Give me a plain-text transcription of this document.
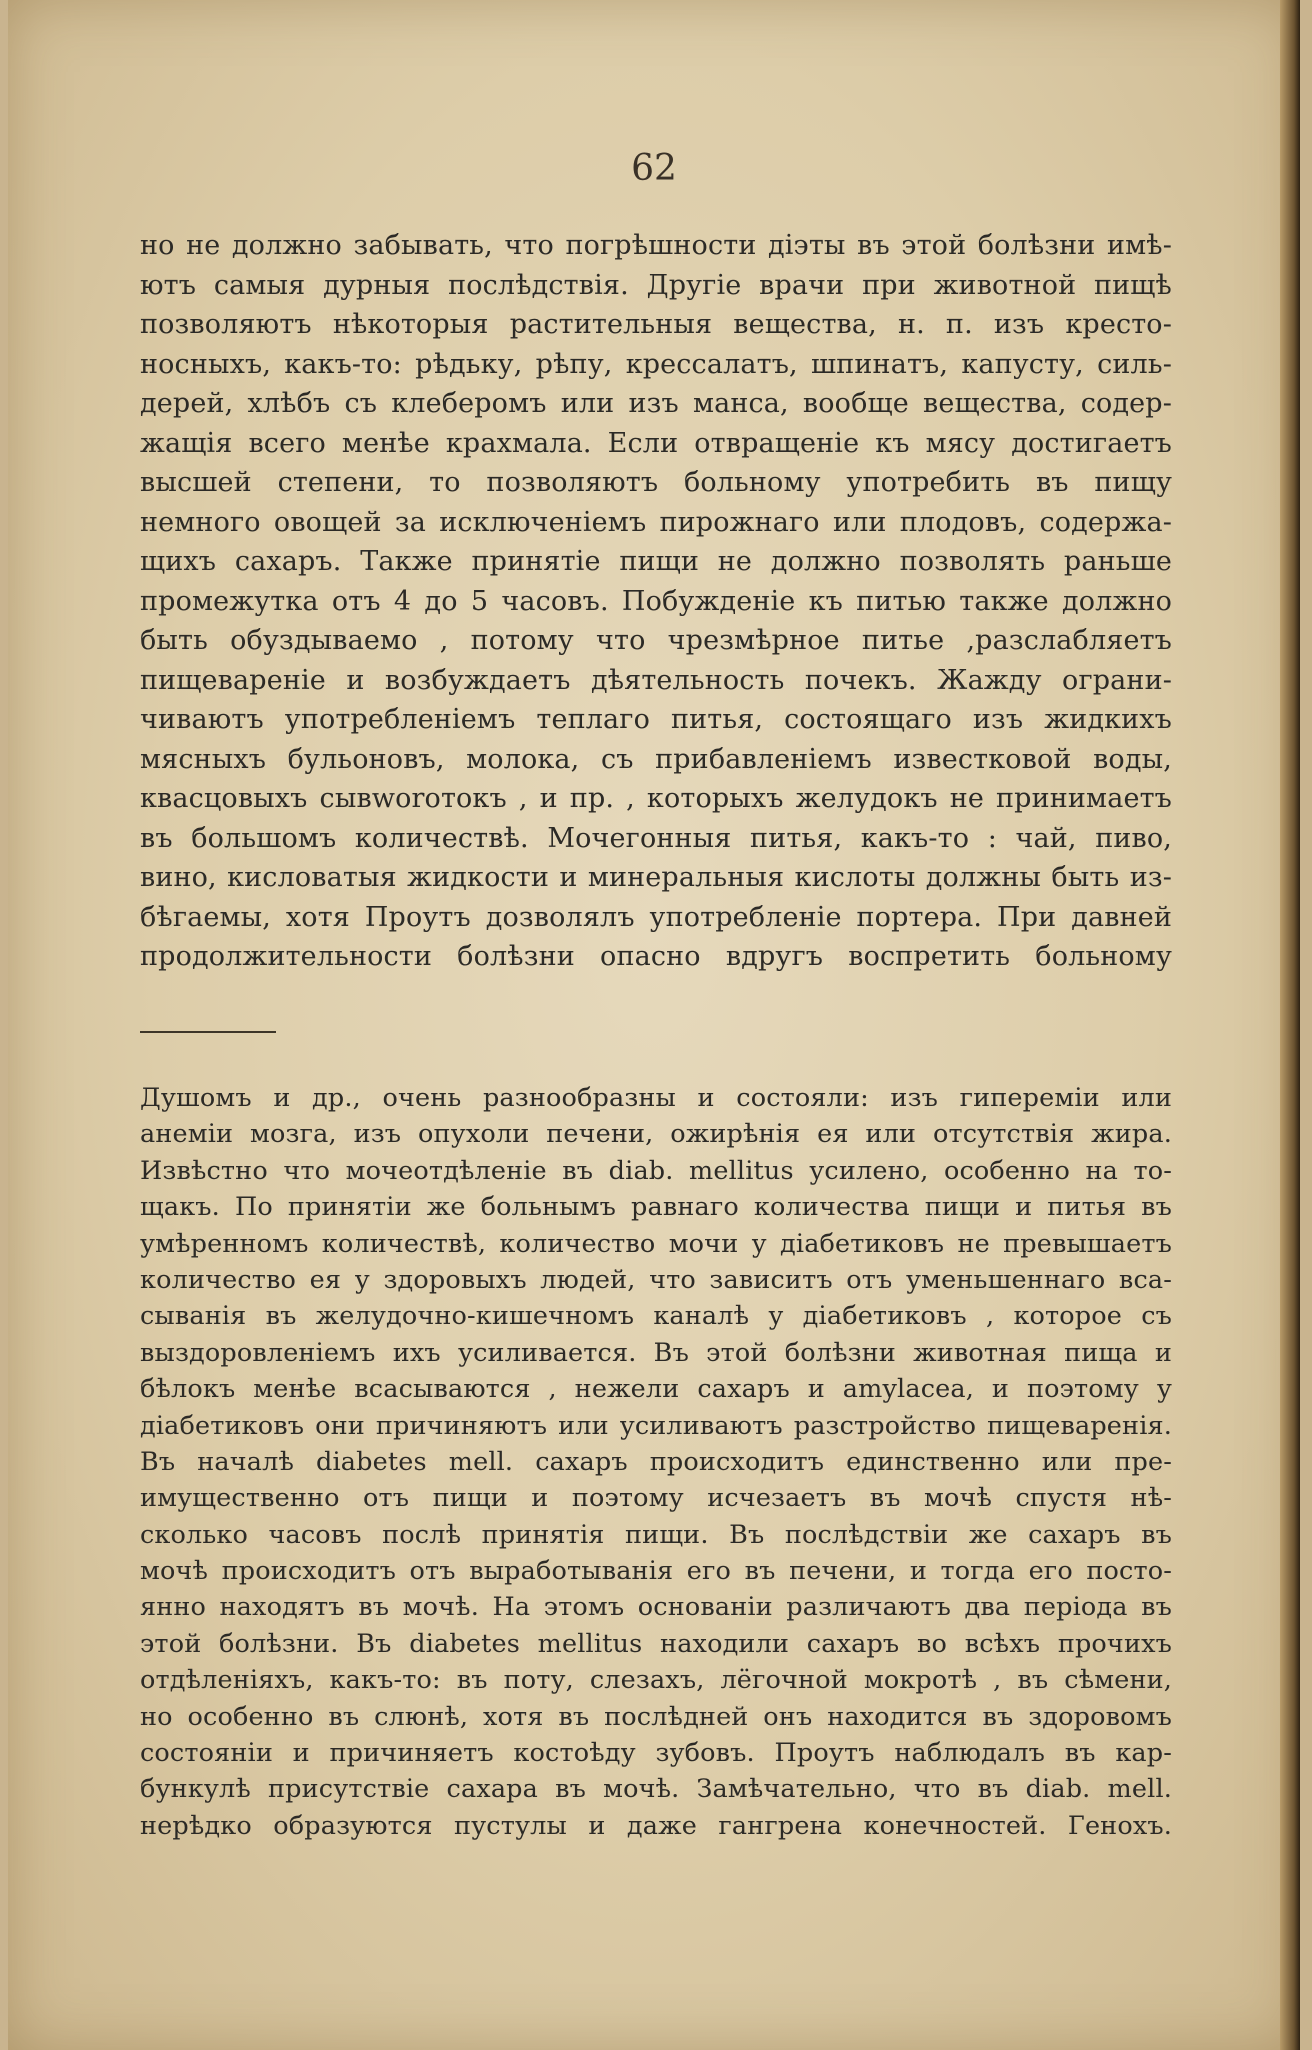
62
но не должно забывать, что погрѣшности діэты въ этой болѣзни имѣ-
ютъ самыя дурныя послѣдствія. Другіе врачи при животной пищѣ
позволяютъ нѣкоторыя растительныя вещества, н. п. изъ кресто-
носныхъ, какъ-то: рѣдьку, рѣпу, крессалатъ, шпинатъ, капусту, силь-
дерей, хлѣбъ съ клеберомъ или изъ манса, вообще вещества, содер-
жащія всего менѣе крахмала. Если отвращеніе къ мясу достигаетъ
высшей степени, то позволяютъ больному употребить въ пищу
немного овощей за исключеніемъ пирожнаго или плодовъ, содержа-
щихъ сахаръ. Также принятіе пищи не должно позволять раньше
промежутка отъ 4 до 5 часовъ. Побужденіе къ питью также должно
быть обуздываемо , потому что чрезмѣрное питье ,разслабляетъ
пищевареніе и возбуждаетъ дѣятельность почекъ. Жажду ограни-
чиваютъ употребленіемъ теплаго питья, состоящаго изъ жидкихъ
мясныхъ бульоновъ, молока, съ прибавленіемъ известковой воды,
квасцовыхъ сывworотокъ , и пр. , которыхъ желудокъ не принимаетъ
въ большомъ количествѣ. Мочегонныя питья, какъ-то : чай, пиво,
вино, кисловатыя жидкости и минеральныя кислоты должны быть из-
бѣгаемы, хотя Проутъ дозволялъ употребленіе портера. При давней
продолжительности болѣзни опасно вдругъ воспретить больному
Душомъ и др., очень разнообразны и состояли: изъ гипереміи или
анеміи мозга, изъ опухоли печени, ожирѣнія ея или отсутствія жира.
Извѣстно что мочеотдѣленіе въ diab. mellitus усилено, особенно на то-
щакъ. По принятіи же больнымъ равнаго количества пищи и питья въ
умѣренномъ количествѣ, количество мочи у діабетиковъ не превышаетъ
количество ея у здоровыхъ людей, что зависитъ отъ уменьшеннаго вса-
сыванія въ желудочно-кишечномъ каналѣ у діабетиковъ , которое съ
выздоровленіемъ ихъ усиливается. Въ этой болѣзни животная пища и
бѣлокъ менѣе всасываются , нежели сахаръ и amylacea, и поэтому у
діабетиковъ они причиняютъ или усиливаютъ разстройство пищеваренія.
Въ началѣ diabetes mell. сахаръ происходитъ единственно или пре-
имущественно отъ пищи и поэтому исчезаетъ въ мочѣ спустя нѣ-
сколько часовъ послѣ принятія пищи. Въ послѣдствіи же сахаръ въ
мочѣ происходитъ отъ выработыванія его въ печени, и тогда его посто-
янно находятъ въ мочѣ. На этомъ основаніи различаютъ два періода въ
этой болѣзни. Въ diabetes mellitus находили сахаръ во всѣхъ прочихъ
отдѣленіяхъ, какъ-то: въ поту, слезахъ, лёгочной мокротѣ , въ сѣмени,
но особенно въ слюнѣ, хотя въ послѣдней онъ находится въ здоровомъ
состояніи и причиняетъ костоѣду зубовъ. Проутъ наблюдалъ въ кар-
бункулѣ присутствіе сахара въ мочѣ. Замѣчательно, что въ diab. mell.
нерѣдко образуются пустулы и даже гангрена конечностей. Генохъ.
